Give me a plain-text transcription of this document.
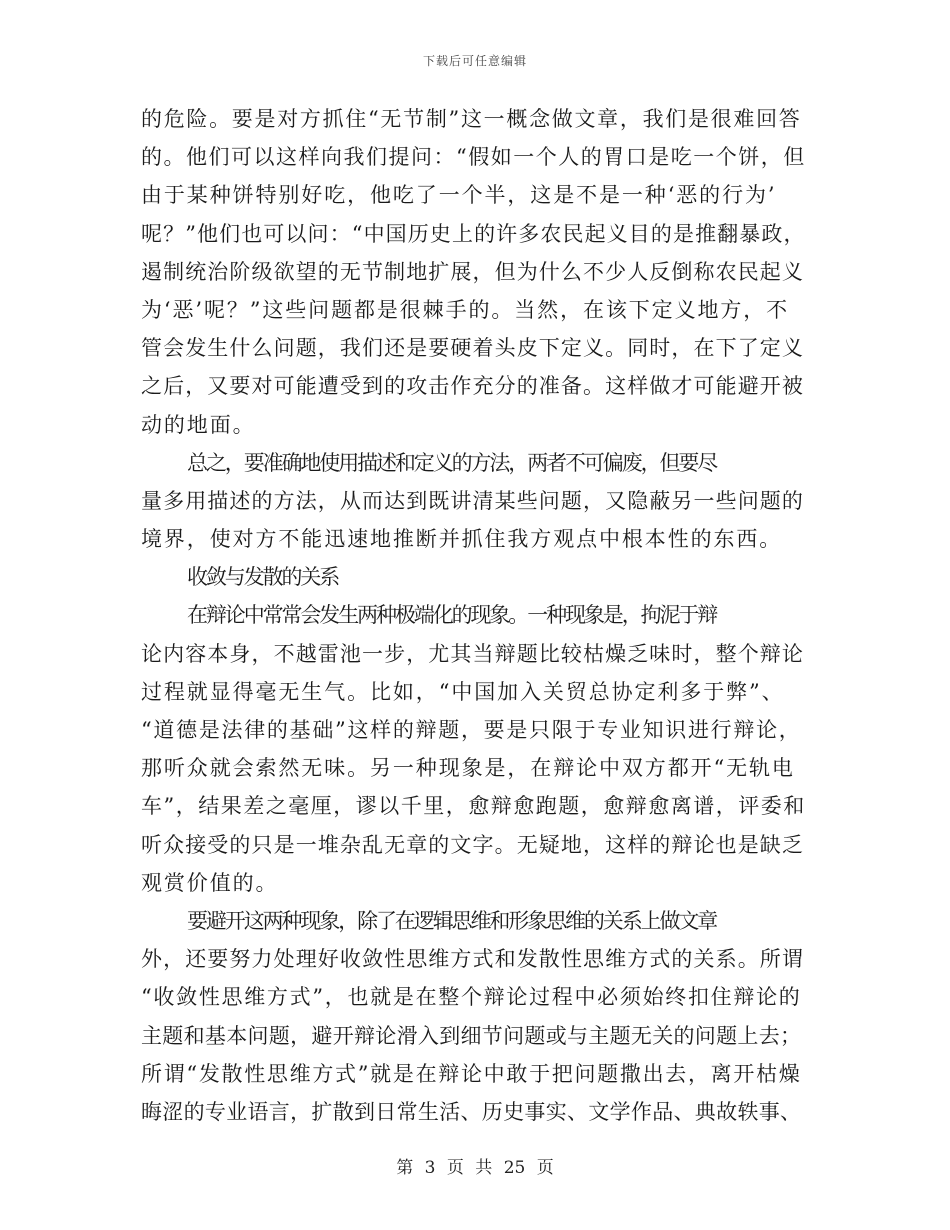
下载后可任意编辑
的危险。要是对方抓住“无节制”这一概念做文章，我们是很难回答
的。他们可以这样向我们提问：“假如一个人的胃口是吃一个饼，但
由于某种饼特别好吃，他吃了一个半，这是不是一种‘恶的行为’
呢？”他们也可以问：“中国历史上的许多农民起义目的是推翻暴政，
遏制统治阶级欲望的无节制地扩展，但为什么不少人反倒称农民起义
为‘恶’呢？”这些问题都是很棘手的。当然，在该下定义地方，不
管会发生什么问题，我们还是要硬着头皮下定义。同时，在下了定义
之后，又要对可能遭受到的攻击作充分的准备。这样做才可能避开被
动的地面。
总之，要准确地使用描述和定义的方法，两者不可偏废，但要尽
量多用描述的方法，从而达到既讲清某些问题，又隐蔽另一些问题的
境界，使对方不能迅速地推断并抓住我方观点中根本性的东西。
收敛与发散的关系
在辩论中常常会发生两种极端化的现象。一种现象是，拘泥于辩
论内容本身，不越雷池一步，尤其当辩题比较枯燥乏味时，整个辩论
过程就显得毫无生气。比如，“中国加入关贸总协定利多于弊”、
“道德是法律的基础”这样的辩题，要是只限于专业知识进行辩论，
那听众就会索然无味。另一种现象是，在辩论中双方都开“无轨电
车”，结果差之毫厘，谬以千里，愈辩愈跑题，愈辩愈离谱，评委和
听众接受的只是一堆杂乱无章的文字。无疑地，这样的辩论也是缺乏
观赏价值的。
要避开这两种现象，除了在逻辑思维和形象思维的关系上做文章
外，还要努力处理好收敛性思维方式和发散性思维方式的关系。所谓
“收敛性思维方式”，也就是在整个辩论过程中必须始终扣住辩论的
主题和基本问题，避开辩论滑入到细节问题或与主题无关的问题上去；
所谓“发散性思维方式”就是在辩论中敢于把问题撒出去，离开枯燥
晦涩的专业语言，扩散到日常生活、历史事实、文学作品、典故轶事、
第 3 页 共 25 页
